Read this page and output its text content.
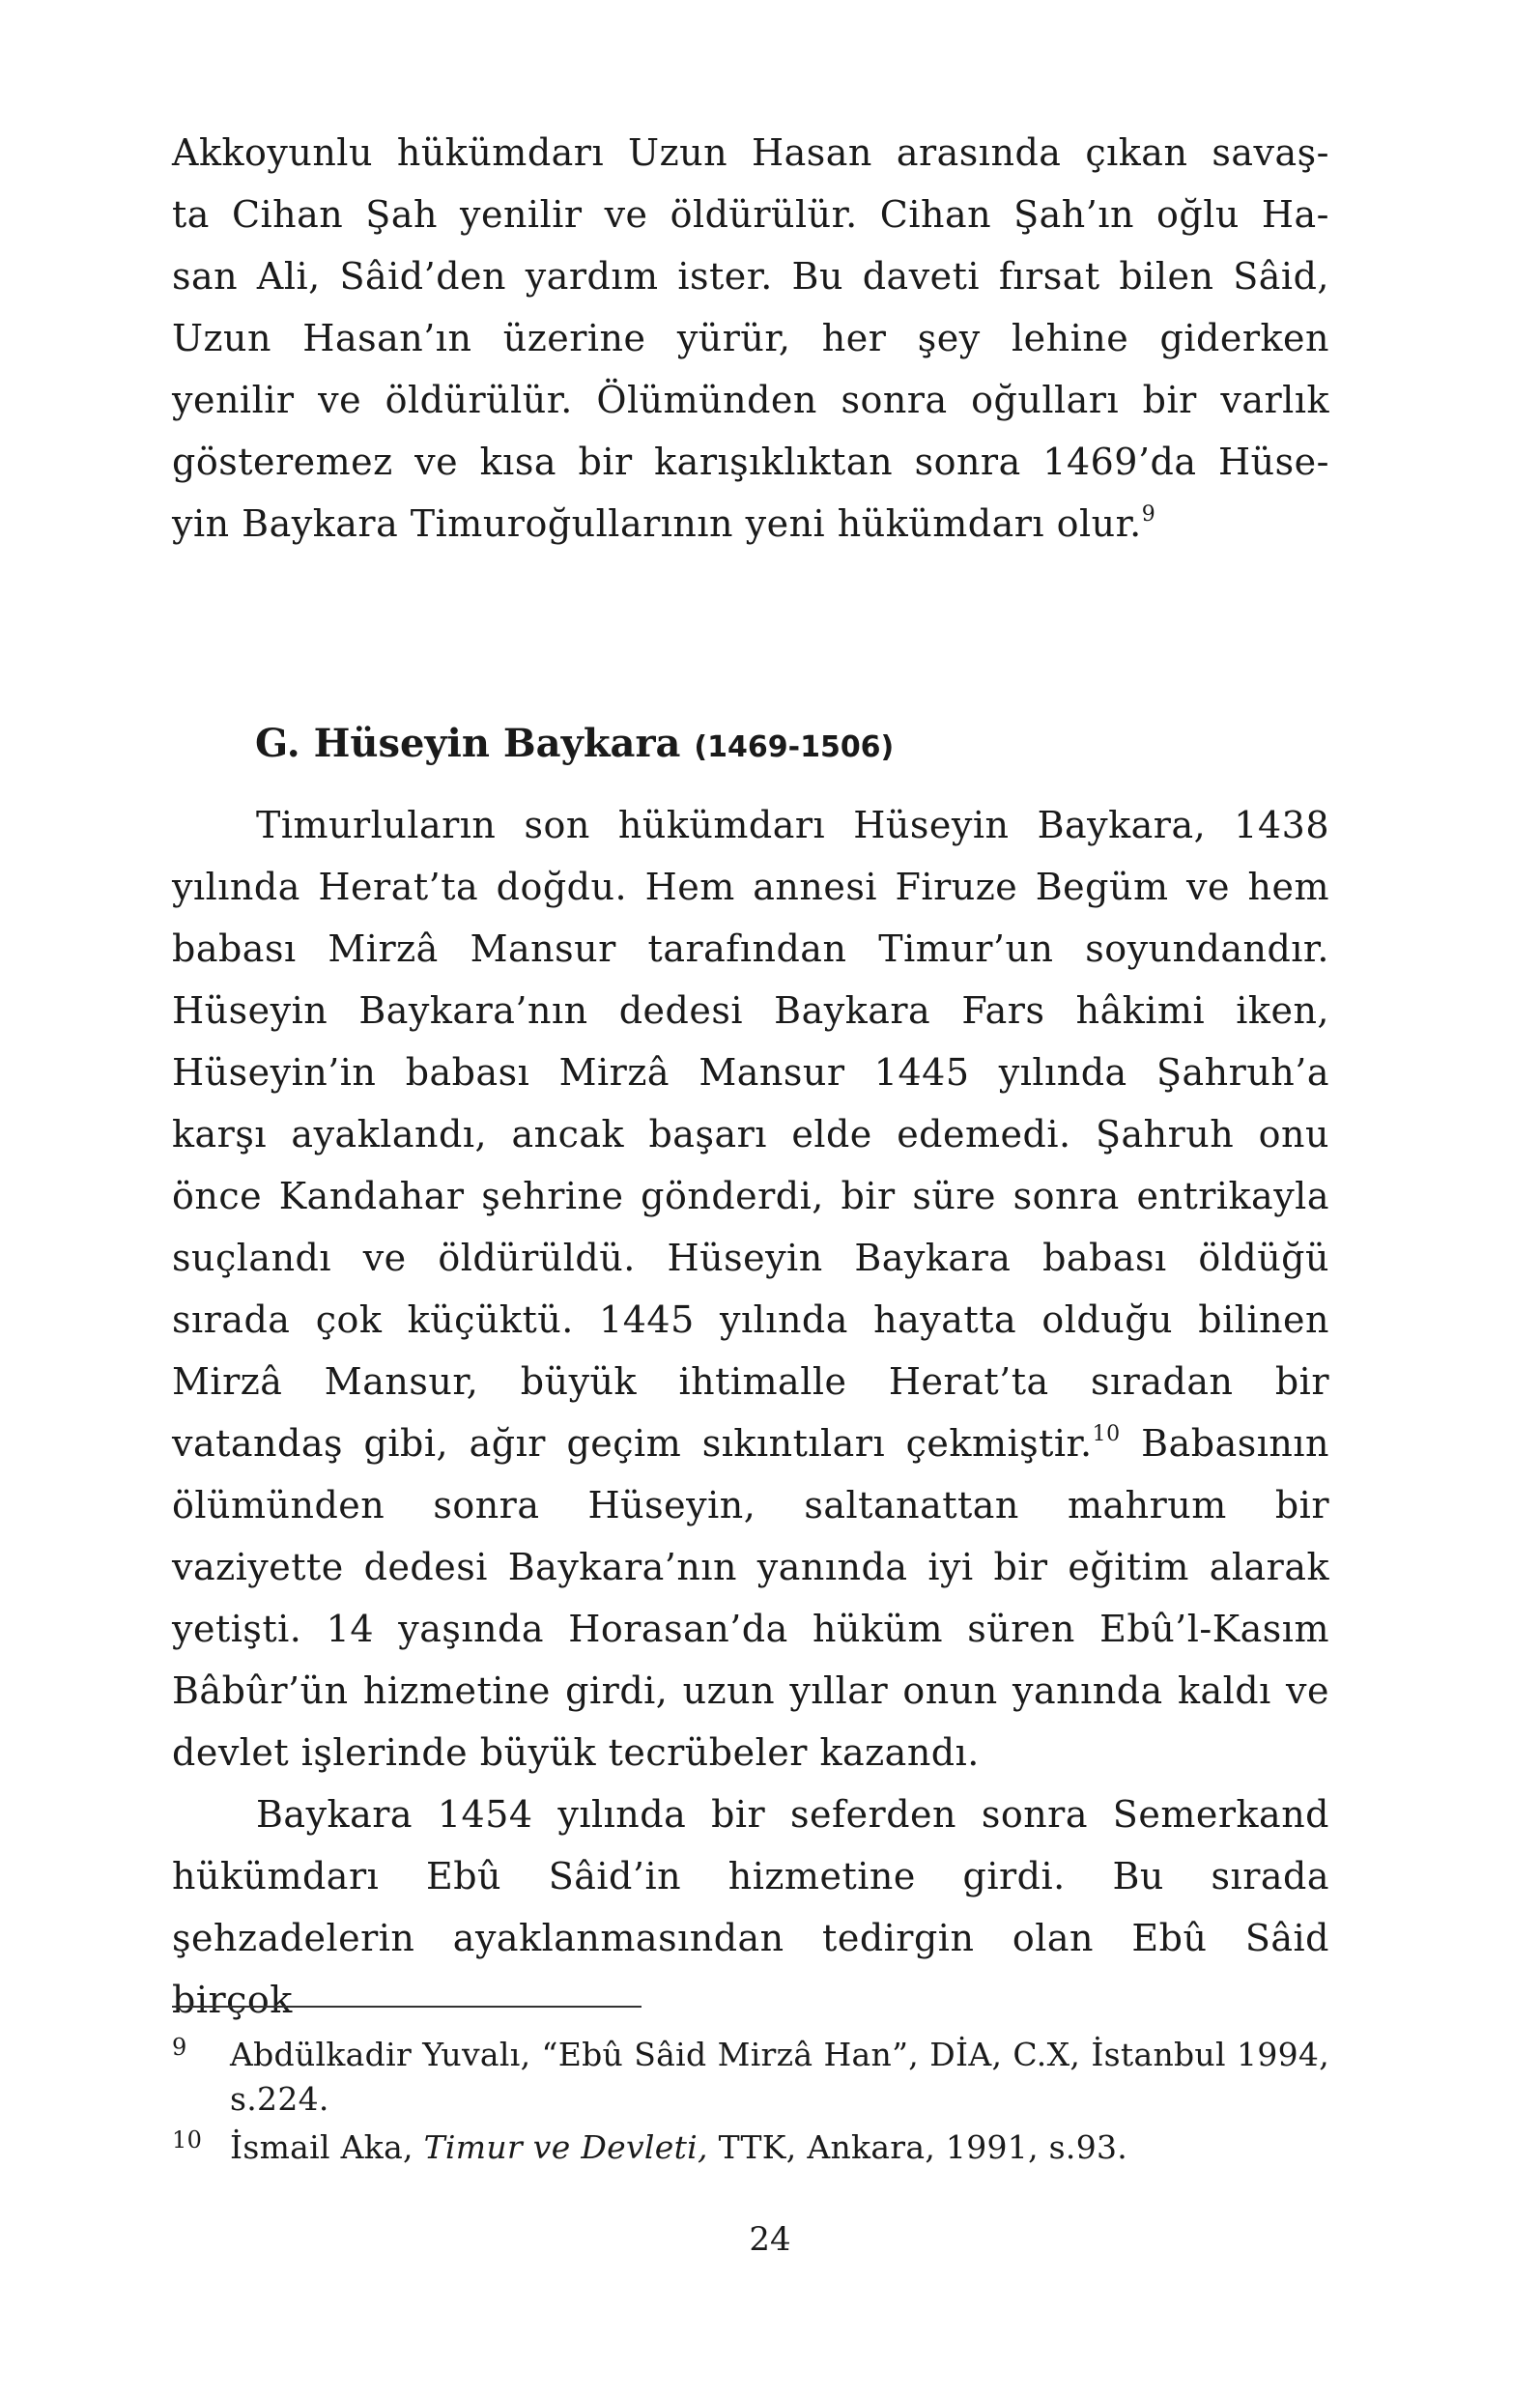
Akkoyunlu hükümdarı Uzun Hasan arasında çıkan savaş-

ta Cihan Şah yenilir ve öldürülür. Cihan Şah’ın oğlu Ha-

san Ali, Sâid’den yardım ister. Bu daveti fırsat bilen Sâid,

Uzun Hasan’ın üzerine yürür, her şey lehine giderken

yenilir ve öldürülür. Ölümünden sonra oğulları bir varlık

gösteremez ve kısa bir karışıklıktan sonra 1469’da Hüse-

yin Baykara Timuroğullarının yeni hükümdarı olur.$^9$

G. Hüseyin Baykara (1469-1506)

Timurluların son hükümdarı Hüseyin Baykara, 1438 yılında Herat’ta doğdu. Hem annesi Firuze Begüm ve hem babası Mirzâ Mansur tarafından Timur’un soyundandır. Hüseyin Baykara’nın dedesi Baykara Fars hâkimi iken, Hüseyin’in babası Mirzâ Mansur 1445 yılında Şahruh’a karşı ayaklandı, ancak başarı elde edemedi. Şahruh onu önce Kandahar şehrine gönderdi, bir süre sonra entrikayla suçlandı ve öldürüldü. Hüseyin Baykara babası öldüğü sırada çok küçüktü. 1445 yılında hayatta olduğu bilinen Mirzâ Mansur, büyük ihtimalle Herat’ta sıradan bir vatandaş gibi, ağır geçim sıkıntıları çekmiştir.$^{10}$ Babasının ölümünden sonra Hüseyin, saltanattan mahrum bir vaziyette dedesi Baykara’nın yanında iyi bir eğitim alarak yetişti. 14 yaşında Horasan’da hüküm süren Ebû’l-Kasım Bâbûr’ün hizmetine girdi, uzun yıllar onun yanında kaldı ve devlet işlerinde büyük tecrübeler kazandı.

Baykara 1454 yılında bir seferden sonra Semerkand hükümdarı Ebû Sâid’in hizmetine girdi. Bu sırada şehzadelerin ayaklanmasından tedirgin olan Ebû Sâid birçok

9	Abdülkadir Yuvalı, “Ebû Sâid Mirzâ Han”, DİA, C.X, İstanbul 1994, s.224.
10 İsmail Aka, Timur ve Devleti, TTK, Ankara, 1991, s.93.
24
